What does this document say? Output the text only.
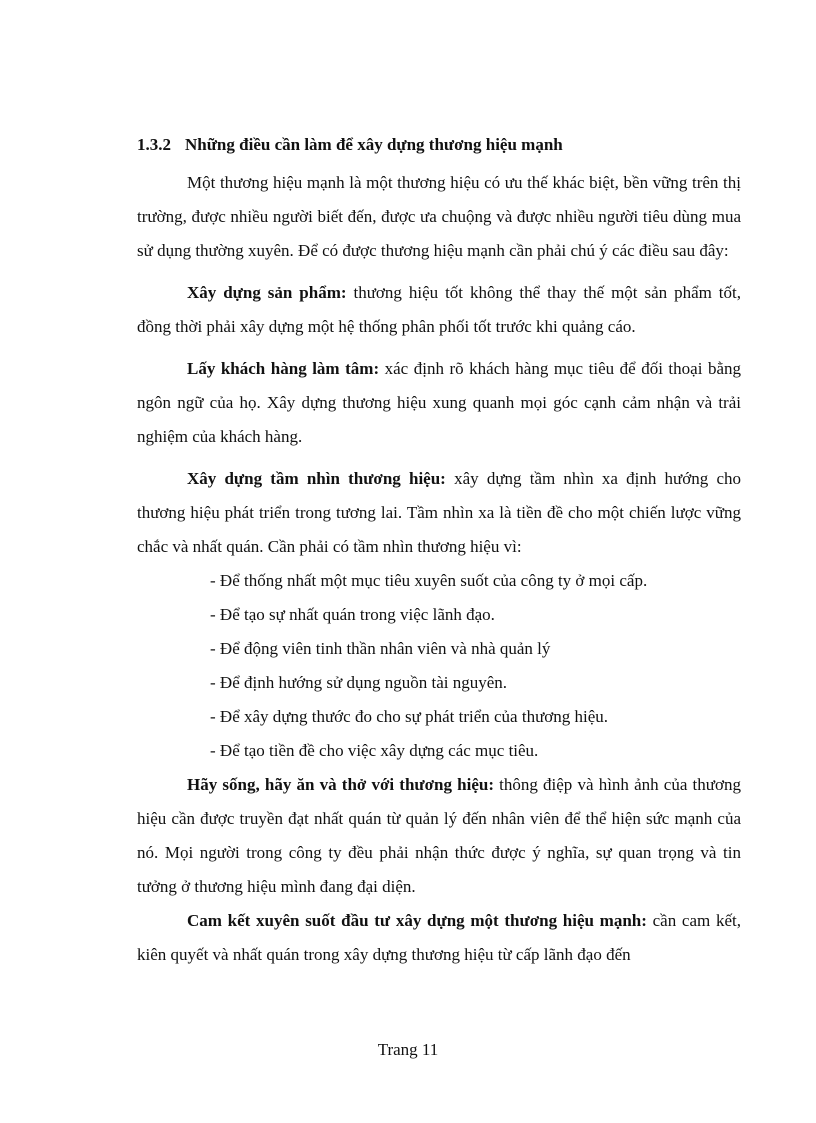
1.3.2 Những điều cần làm để xây dựng thương hiệu mạnh

Một thương hiệu mạnh là một thương hiệu có ưu thế khác biệt, bền vững trên thị trường, được nhiều người biết đến, được ưa chuộng và được nhiều người tiêu dùng mua sử dụng thường xuyên. Để có được thương hiệu mạnh cần phải chú ý các điều sau đây:

Xây dựng sản phẩm: thương hiệu tốt không thể thay thế một sản phẩm tốt, đồng thời phải xây dựng một hệ thống phân phối tốt trước khi quảng cáo.

Lấy khách hàng làm tâm: xác định rõ khách hàng mục tiêu để đối thoại bằng ngôn ngữ của họ. Xây dựng thương hiệu xung quanh mọi góc cạnh cảm nhận và trải nghiệm của khách hàng.

Xây dựng tầm nhìn thương hiệu: xây dựng tầm nhìn xa định hướng cho thương hiệu phát triển trong tương lai. Tầm nhìn xa là tiền đề cho một chiến lược vững chắc và nhất quán. Cần phải có tầm nhìn thương hiệu vì:

- Để thống nhất một mục tiêu xuyên suốt của công ty ở mọi cấp.
- Để tạo sự nhất quán trong việc lãnh đạo.
- Để động viên tinh thần nhân viên và nhà quản lý
- Để định hướng sử dụng nguồn tài nguyên.
- Để xây dựng thước đo cho sự phát triển của thương hiệu.
- Để tạo tiền đề cho việc xây dựng các mục tiêu.

Hãy sống, hãy ăn và thở với thương hiệu: thông điệp và hình ảnh của thương hiệu cần được truyền đạt nhất quán từ quản lý đến nhân viên để thể hiện sức mạnh của nó. Mọi người trong công ty đều phải nhận thức được ý nghĩa, sự quan trọng và tin tưởng ở thương hiệu mình đang đại diện.

Cam kết xuyên suốt đầu tư xây dựng một thương hiệu mạnh: cần cam kết, kiên quyết và nhất quán trong xây dựng thương hiệu từ cấp lãnh đạo đến

Trang 11
